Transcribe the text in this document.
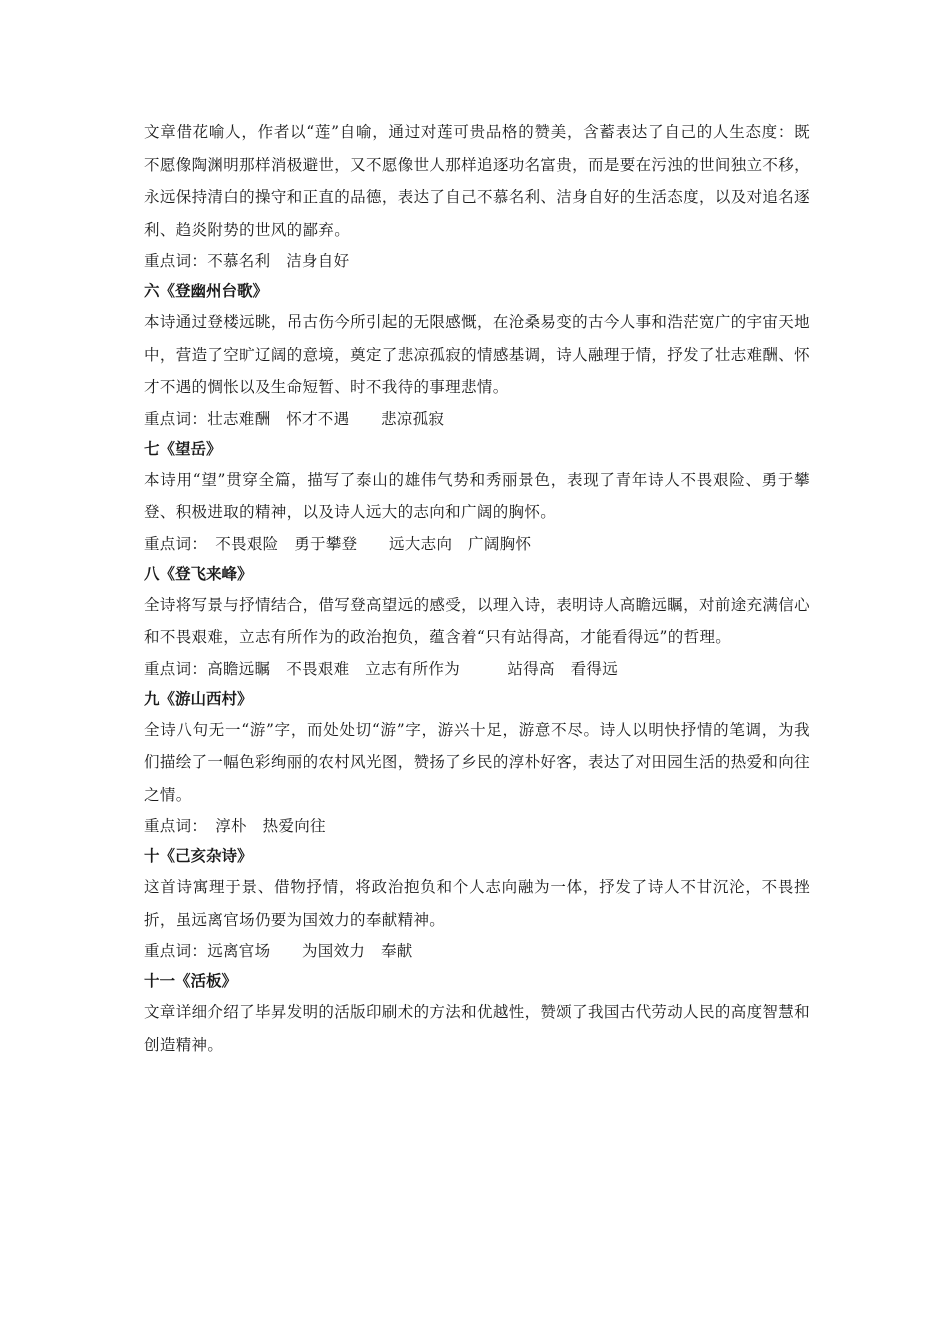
文章借花喻人，作者以“莲”自喻，通过对莲可贵品格的赞美，含蓄表达了自己的人生态度：既不愿像陶渊明那样消极避世，又不愿像世人那样追逐功名富贵，而是要在污浊的世间独立不移，永远保持清白的操守和正直的品德，表达了自己不慕名利、洁身自好的生活态度，以及对追名逐利、趋炎附势的世风的鄙弃。

重点词：不慕名利　洁身自好

六《登幽州台歌》

本诗通过登楼远眺，吊古伤今所引起的无限感慨，在沧桑易变的古今人事和浩茫宽广的宇宙天地中，营造了空旷辽阔的意境，奠定了悲凉孤寂的情感基调，诗人融理于情，抒发了壮志难酬、怀才不遇的惆怅以及生命短暂、时不我待的事理悲情。

重点词：壮志难酬　怀才不遇　　悲凉孤寂

七《望岳》

本诗用“望”贯穿全篇，描写了泰山的雄伟气势和秀丽景色，表现了青年诗人不畏艰险、勇于攀登、积极进取的精神，以及诗人远大的志向和广阔的胸怀。

重点词：　不畏艰险　勇于攀登　　远大志向　广阔胸怀

八《登飞来峰》

全诗将写景与抒情结合，借写登高望远的感受，以理入诗，表明诗人高瞻远瞩，对前途充满信心和不畏艰难，立志有所作为的政治抱负，蕴含着“只有站得高，才能看得远”的哲理。

重点词：高瞻远瞩　不畏艰难　立志有所作为　　　站得高　看得远

九《游山西村》

全诗八句无一“游”字，而处处切“游”字，游兴十足，游意不尽。诗人以明快抒情的笔调，为我们描绘了一幅色彩绚丽的农村风光图，赞扬了乡民的淳朴好客，表达了对田园生活的热爱和向往之情。

重点词：　淳朴　热爱向往

十《己亥杂诗》

这首诗寓理于景、借物抒情，将政治抱负和个人志向融为一体，抒发了诗人不甘沉沦，不畏挫折，虽远离官场仍要为国效力的奉献精神。

重点词：远离官场　　为国效力　奉献

十一《活板》

文章详细介绍了毕昇发明的活版印刷术的方法和优越性，赞颂了我国古代劳动人民的高度智慧和创造精神。
